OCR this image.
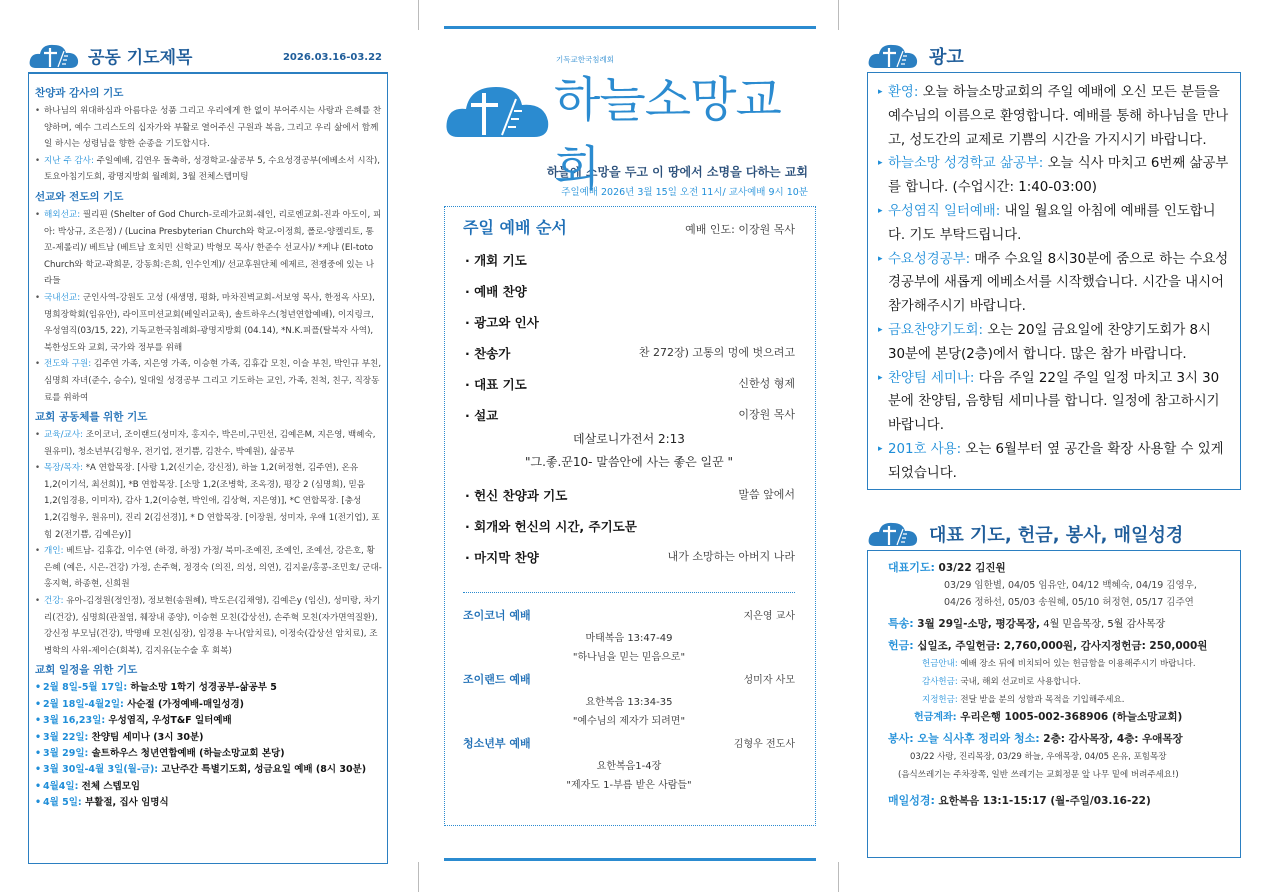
공동 기도제목	2026.03.16-03.22
찬양과 감사의 기도
• 하나님의 위대하심과 아름다운 성품 그리고 우리에게 한 없이 부어주시는 사랑과 은혜를 찬양하며, 예수 그리스도의 십자가와 부활로 열어주신 구원과 복음, 그리고 우리 삶에서 함께 일 하시는 성령님을 향한 순종을 기도합시다.
• 지난 주 감사: 주일예배, 김연우 돌축하, 성경학교-삶공부 5, 수요성경공부(에베소서 시작), 토요아침기도회, 광명지방회 월례회, 3월 전체스텝미팅
선교와 전도의 기도
• 해외선교: 필리핀 (Shelter of God Church-로레가교회-쉐인, 리로엔교회-진과 아도이, 피아: 박상규, 조은정) / (Lucina Presbyterian Church와 학교-이정희, 폴로-양켈리토, 통꼬-제롤리)/ 베트남 (베트남 호치민 신학교) 박형모 목사/ 한준수 선교사)/ *케냐 (El-toto Church와 학교-곽희문, 강동희:은희, 인수인계)/ 선교후원단체 에제르, 전쟁중에 있는 나라들
• 국내선교: 군인사역-강원도 고성 (새생명, 평화, 마차진벽교회-서보영 목사, 한정옥 사모), 명희장학회(임유안), 라이프미션교회(베일러교육), 솔트하우스(청년연합예배), 이지링크, 우성염직(03/15, 22), 기독교한국침례회-광명지방회 (04.14), *N.K.피플(탈북자 사역), 북한성도와 교회, 국가와 정부를 위해
• 전도와 구원: 김주연 가족, 지은영 가족, 이승현 가족, 김휴갑 모친, 이슬 부친, 박인규 부친, 심명희 자녀(준수, 승수), 일대일 성경공부 그리고 기도하는 교인, 가족, 친척, 친구, 직장동료를 위하여
교회 공동체를 위한 기도
• 교육/교사: 조이코너, 조이랜드(성미자, 홍지수, 박은비,구민선, 김예은M, 지은영, 백혜숙, 원유미), 청소년부(김형우, 전기업, 전기쁨, 김찬수, 박예원), 삶공부
• 목장/목자: *A 연합목장. [사랑 1,2(신기순, 강신정), 하늘 1,2(허정현, 김주연), 온유 1,2(이기석, 최선희)], *B 연합목장. [소망 1,2(조병학, 조옥경), 평강 2 (심명희), 믿음 1,2(임경용, 이미자), 감사 1,2(이승현, 박인애, 김상혁, 지은영)], *C 연합목장. [충성 1,2(김형우, 원유미), 진리 2(김선경)], * D 연합목장. [이장원, 성미자, 우애 1(전기업), 포힘 2(전기쁨, 김예은y)]
• 개인: 베트남- 김휴갑, 이수연 (하경, 하정) 가정/ 북미-조예진, 조예인, 조예선, 강은호, 황은혜 (예은, 시은-건강) 가정, 손주혁, 정경숙 (의진, 의성, 의연), 김지윤/홍콩-조민호/ 군대-홍지혁, 하종현, 신희원
• 건강: 유아-김정원(정인정), 정보현(송원혜), 박도은(김채영), 김예은y (임신), 성미랑, 차기리(건강), 심명희(관절염, 췌장내 종양), 이승현 모친(갑상선), 손주혁 모친(자가면역질환), 강신정 부모님(건강), 박명배 모친(심장), 임경용 누나(암치료), 이정숙(갑상선 암치료), 조병학의 사위-제이슨(회복), 김지유(눈수술 후 회복)
교회 일정을 위한 기도
• 2월 8일-5월 17일: 하늘소망 1학기 성경공부-삶공부 5
• 2월 18일-4월2일: 사순절 (가정예배-매일성경)
• 3월 16,23일: 우성염직, 우성T&F 일터예배
• 3월 22일: 찬양팀 세미나 (3시 30분)
• 3월 29일: 솔트하우스 청년연합예배 (하늘소망교회 본당)
• 3월 30일-4월 3일(월-금): 고난주간 특별기도회, 성금요일 예배 (8시 30분)
• 4월4일: 전체 스텝모임
• 4월 5일: 부활절, 집사 임명식
기독교한국침례회
하늘소망교회
하늘에 소망을 두고 이 땅에서 소명을 다하는 교회
주일예배 2026년 3월 15일 오전 11시/ 교사예배 9시 10분
주일 예배 순서	예배 인도: 이장원 목사
· 개회 기도
· 예배 찬양
· 광고와 인사
· 찬송가	찬 272장) 고통의 멍에 벗으려고
· 대표 기도	신한성 형제
· 설교	이장원 목사
데살로니가전서 2:13
"그.좋.꾼10- 말씀안에 사는 좋은 일꾼 "
· 헌신 찬양과 기도	말씀 앞에서
· 회개와 헌신의 시간, 주기도문
· 마지막 찬양	내가 소망하는 아버지 나라
조이코너 예배	지은영 교사
마태복음 13:47-49
"하나님을 믿는 믿음으로"
조이랜드 예배	성미자 사모
요한복음 13:34-35
"예수님의 제자가 되려면"
청소년부 예배	김형우 전도사
요한복음1-4장
"제자도 1-부름 받은 사람들"
광고
▸ 환영: 오늘 하늘소망교회의 주일 예배에 오신 모든 분들을 예수님의 이름으로 환영합니다. 예배를 통해 하나님을 만나고, 성도간의 교제로 기쁨의 시간을 가지시기 바랍니다.
▸ 하늘소망 성경학교 삶공부: 오늘 식사 마치고 6번째 삶공부를 합니다. (수업시간: 1:40-03:00)
▸ 우성염직 일터예배: 내일 월요일 아침에 예배를 인도합니다. 기도 부탁드립니다.
▸ 수요성경공부: 매주 수요일 8시30분에 줌으로 하는 수요성경공부에 새롭게 에베소서를 시작했습니다. 시간을 내시어 참가해주시기 바랍니다.
▸ 금요찬양기도회: 오는 20일 금요일에 찬양기도회가 8시 30분에 본당(2층)에서 합니다. 많은 참가 바랍니다.
▸ 찬양팀 세미나: 다음 주일 22일 주일 일정 마치고 3시 30분에 찬양팀, 음향팀 세미나를 합니다. 일정에 참고하시기 바랍니다.
▸ 201호 사용: 오는 6월부터 옆 공간을 확장 사용할 수 있게 되었습니다.
대표 기도, 헌금, 봉사, 매일성경
대표기도: 03/22 김진원
03/29 임한별, 04/05 임유안, 04/12 백혜숙, 04/19 김영우,
04/26 정하선, 05/03 송원혜, 05/10 허정현, 05/17 김주연
특송: 3월 29일-소망, 평강목장, 4월 믿음목장, 5월 감사목장
헌금: 십일조, 주일헌금: 2,760,000원, 감사지정헌금: 250,000원
헌금안내: 예배 장소 뒤에 비치되어 있는 헌금함을 이용해주시기 바랍니다.
감사헌금: 국내, 해외 선교비로 사용합니다.
지정헌금: 전달 받을 분의 성함과 목적을 기입해주세요.
헌금계좌: 우리은행 1005-002-368906 (하늘소망교회)
봉사: 오늘 식사후 정리와 청소: 2층: 감사목장, 4층: 우애목장
03/22 사랑, 진리목장, 03/29 하늘, 우애목장, 04/05 온유, 포힘목장
(음식쓰레기는 주차장쪽, 일반 쓰레기는 교회정문 앞 나무 밑에 버려주세요!)
매일성경: 요한복음 13:1-15:17 (월-주일/03.16-22)
